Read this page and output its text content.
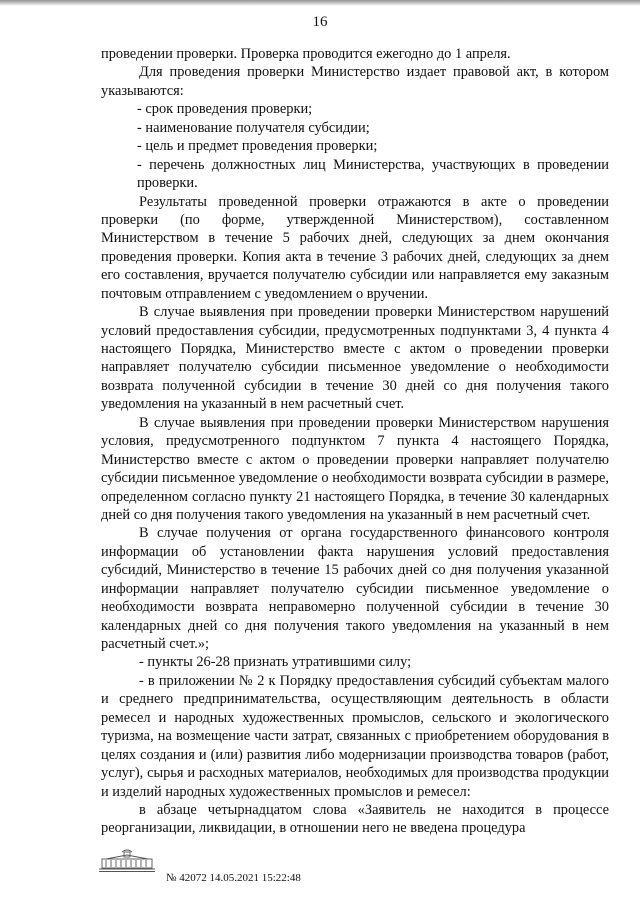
16

проведении проверки. Проверка проводится ежегодно до 1 апреля.

Для проведения проверки Министерство издает правовой акт, в котором указываются:

- срок проведения проверки;

- наименование получателя субсидии;

- цель и предмет проведения проверки;

- перечень должностных лиц Министерства, участвующих в проведении проверки.

Результаты проведенной проверки отражаются в акте о проведении проверки (по форме, утвержденной Министерством), составленном Министерством в течение 5 рабочих дней, следующих за днем окончания проведения проверки. Копия акта в течение 3 рабочих дней, следующих за днем его составления, вручается получателю субсидии или направляется ему заказным почтовым отправлением с уведомлением о вручении.

В случае выявления при проведении проверки Министерством нарушений условий предоставления субсидии, предусмотренных подпунктами 3, 4 пункта 4 настоящего Порядка, Министерство вместе с актом о проведении проверки направляет получателю субсидии письменное уведомление о необходимости возврата полученной субсидии в течение 30 дней со дня получения такого уведомления на указанный в нем расчетный счет.

В случае выявления при проведении проверки Министерством нарушения условия, предусмотренного подпунктом 7 пункта 4 настоящего Порядка, Министерство вместе с актом о проведении проверки направляет получателю субсидии письменное уведомление о необходимости возврата субсидии в размере, определенном согласно пункту 21 настоящего Порядка, в течение 30 календарных дней со дня получения такого уведомления на указанный в нем расчетный счет.

В случае получения от органа государственного финансового контроля информации об установлении факта нарушения условий предоставления субсидий, Министерство в течение 15 рабочих дней со дня получения указанной информации направляет получателю субсидии письменное уведомление о необходимости возврата неправомерно полученной субсидии в течение 30 календарных дней со дня получения такого уведомления на указанный в нем расчетный счет.»;

- пункты 26-28 признать утратившими силу;

- в приложении № 2 к Порядку предоставления субсидий субъектам малого и среднего предпринимательства, осуществляющим деятельность в области ремесел и народных художественных промыслов, сельского и экологического туризма, на возмещение части затрат, связанных с приобретением оборудования в целях создания и (или) развития либо модернизации производства товаров (работ, услуг), сырья и расходных материалов, необходимых для производства продукции и изделий народных художественных промыслов и ремесел:

в абзаце четырнадцатом слова «Заявитель не находится в процессе реорганизации, ликвидации, в отношении него не введена процедура

№ 42072 14.05.2021 15:22:48
